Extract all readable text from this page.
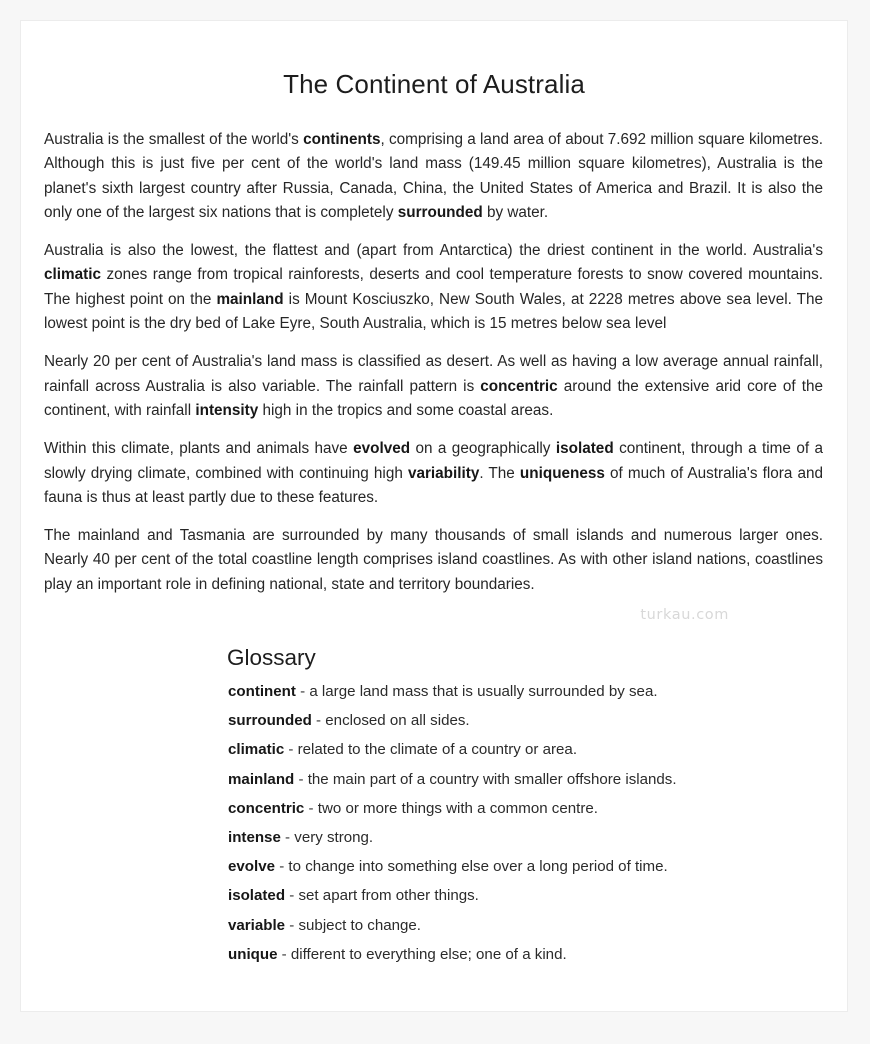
The Continent of Australia

Australia is the smallest of the world's continents, comprising a land area of about 7.692 million square kilometres. Although this is just five per cent of the world's land mass (149.45 million square kilometres), Australia is the planet's sixth largest country after Russia, Canada, China, the United States of America and Brazil. It is also the only one of the largest six nations that is completely surrounded by water.

Australia is also the lowest, the flattest and (apart from Antarctica) the driest continent in the world. Australia's climatic zones range from tropical rainforests, deserts and cool temperature forests to snow covered mountains. The highest point on the mainland is Mount Kosciuszko, New South Wales, at 2228 metres above sea level. The lowest point is the dry bed of Lake Eyre, South Australia, which is 15 metres below sea level

Nearly 20 per cent of Australia's land mass is classified as desert. As well as having a low average annual rainfall, rainfall across Australia is also variable. The rainfall pattern is concentric around the extensive arid core of the continent, with rainfall intensity high in the tropics and some coastal areas.

Within this climate, plants and animals have evolved on a geographically isolated continent, through a time of a slowly drying climate, combined with continuing high variability. The uniqueness of much of Australia's flora and fauna is thus at least partly due to these features.

The mainland and Tasmania are surrounded by many thousands of small islands and numerous larger ones. Nearly 40 per cent of the total coastline length comprises island coastlines. As with other island nations, coastlines play an important role in defining national, state and territory boundaries.

turkau.com
Glossary
continent - a large land mass that is usually surrounded by sea.
surrounded - enclosed on all sides.
climatic - related to the climate of a country or area.
mainland - the main part of a country with smaller offshore islands.
concentric - two or more things with a common centre.
intense - very strong.
evolve - to change into something else over a long period of time.
isolated - set apart from other things.
variable - subject to change.
unique - different to everything else; one of a kind.
